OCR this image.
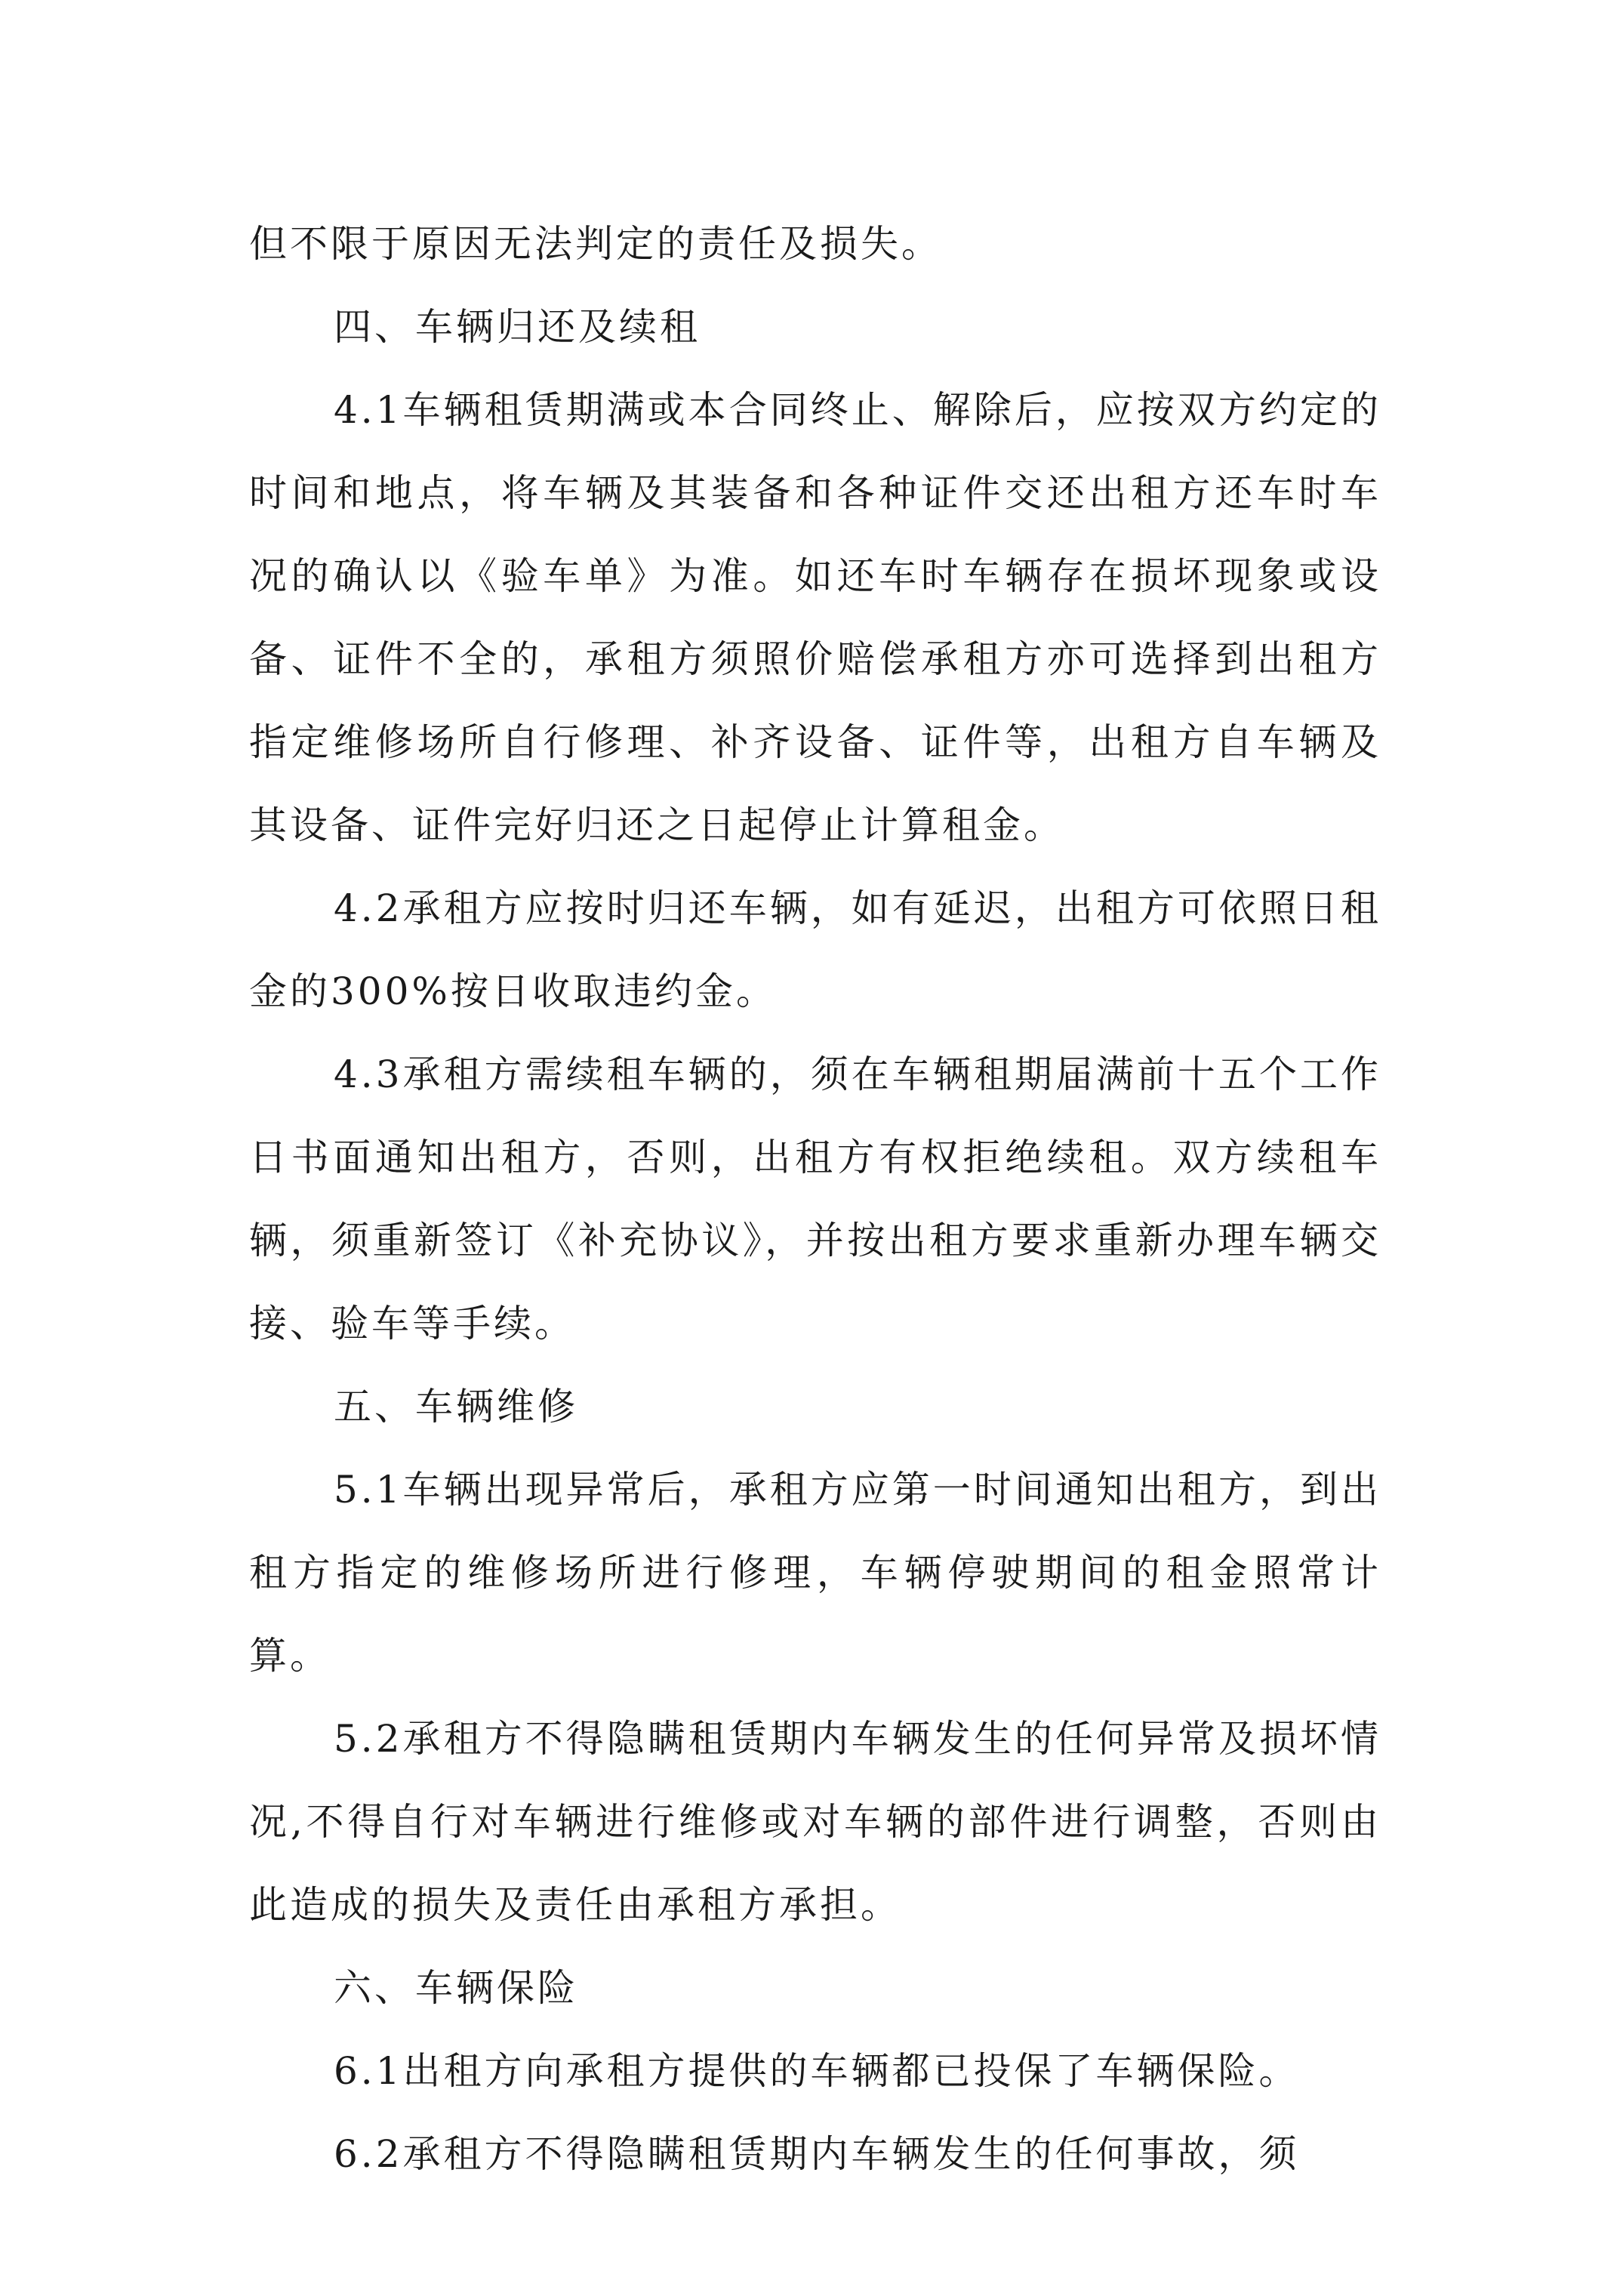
但不限于原因无法判定的责任及损失。

四、车辆归还及续租

4.1车辆租赁期满或本合同终止、解除后，应按双方约定的时间和地点，将车辆及其装备和各种证件交还出租方还车时车况的确认以《验车单》为准。如还车时车辆存在损坏现象或设备、证件不全的，承租方须照价赔偿承租方亦可选择到出租方指定维修场所自行修理、补齐设备、证件等，出租方自车辆及其设备、证件完好归还之日起停止计算租金。

4.2承租方应按时归还车辆，如有延迟，出租方可依照日租金的300%按日收取违约金。

4.3承租方需续租车辆的，须在车辆租期届满前十五个工作日书面通知出租方，否则，出租方有权拒绝续租。双方续租车辆，须重新签订《补充协议》，并按出租方要求重新办理车辆交接、验车等手续。

五、车辆维修

5.1车辆出现异常后，承租方应第一时间通知出租方，到出租方指定的维修场所进行修理，车辆停驶期间的租金照常计算。

5.2承租方不得隐瞒租赁期内车辆发生的任何异常及损坏情况,不得自行对车辆进行维修或对车辆的部件进行调整，否则由此造成的损失及责任由承租方承担。

六、车辆保险

6.1出租方向承租方提供的车辆都已投保了车辆保险。

6.2承租方不得隐瞒租赁期内车辆发生的任何事故，须
